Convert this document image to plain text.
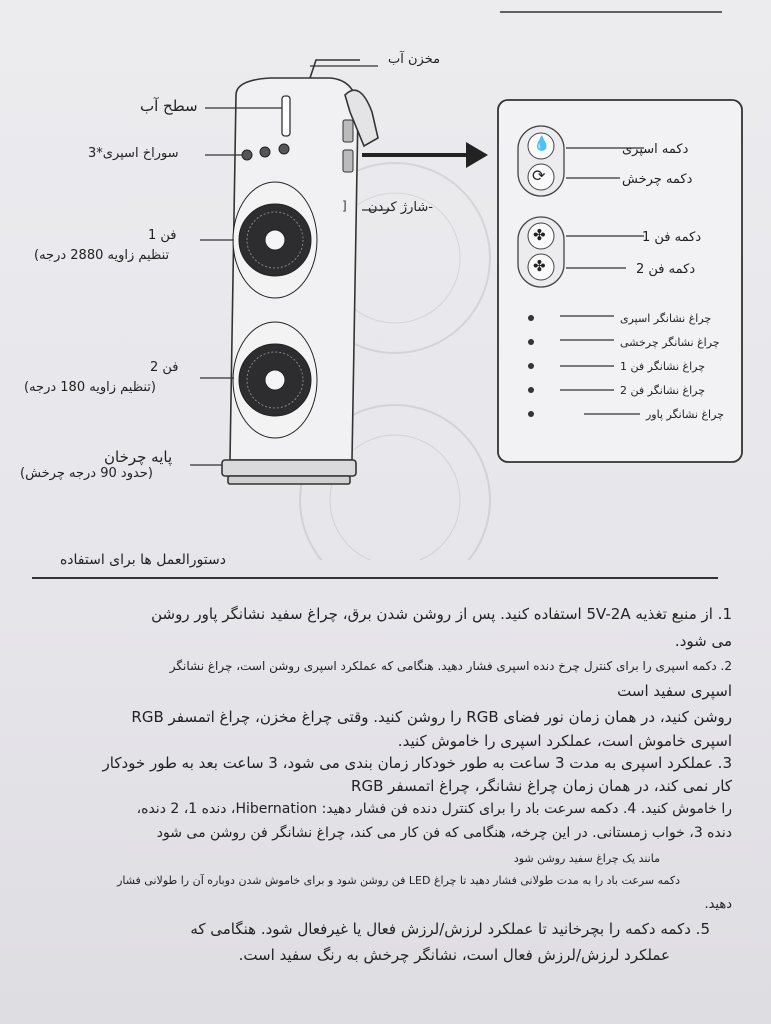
]
💧
⟳
✤
✤
مخزن آب
سطح آب
سوراخ اسپری*3
-شارژ کردن
فن 1
تنظیم زاویه 2880 درجه)
فن 2
(تنظیم زاویه 180 درجه)
پایه چرخان
(حدود 90 درجه چرخش)
دکمه اسپری
دکمه چرخش
دکمه فن 1
دکمه فن 2
چراغ نشانگر اسپری
چراغ نشانگر چرخشی
چراغ نشانگر فن 1
چراغ نشانگر فن 2
چراغ نشانگر پاور
دستورالعمل ها برای استفاده
1. از منبع تغذیه 5V-2A استفاده کنید. پس از روشن شدن برق، چراغ سفید نشانگر پاور روشن
می شود.
2. دکمه اسپری را برای کنترل چرخ دنده اسپری فشار دهید. هنگامی که عملکرد اسپری روشن است، چراغ نشانگر
اسپری سفید است
روشن کنید، در همان زمان نور فضای RGB را روشن کنید. وقتی چراغ مخزن، چراغ اتمسفر RGB
اسپری خاموش است، عملکرد اسپری را خاموش کنید.
3. عملکرد اسپری به مدت 3 ساعت به طور خودکار زمان بندی می شود، 3 ساعت بعد به طور خودکار
کار نمی کند، در همان زمان چراغ نشانگر، چراغ اتمسفر RGB
را خاموش کنید. 4. دکمه سرعت باد را برای کنترل دنده فن فشار دهید: Hibernation، دنده 1، 2 دنده،
دنده 3، خواب زمستانی. در این چرخه، هنگامی که فن کار می کند، چراغ نشانگر فن روشن می شود
مانند یک چراغ سفید روشن شود
دکمه سرعت باد را به مدت طولانی فشار دهید تا چراغ LED فن روشن شود و برای خاموش شدن دوباره آن را طولانی فشار
دهید.
5. دکمه دکمه را بچرخانید تا عملکرد لرزش/لرزش فعال یا غیرفعال شود. هنگامی که
عملکرد لرزش/لرزش فعال است، نشانگر چرخش به رنگ سفید است.
